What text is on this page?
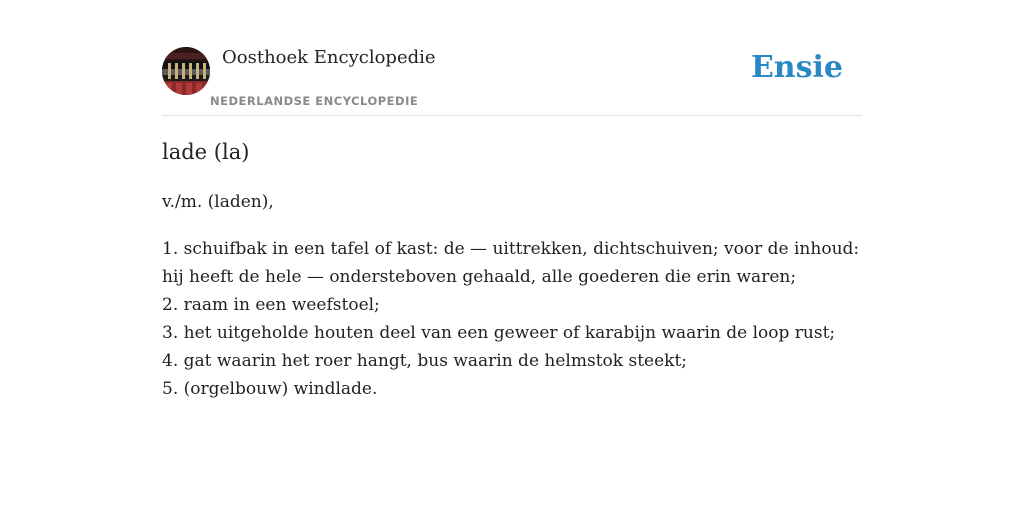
Oosthoek Encyclopedie
NEDERLANDSE ENCYCLOPEDIE
Ensie
lade (la)

v./m. (laden),

1. schuifbak in een tafel of kast: de — uittrekken, dichtschuiven; voor de inhoud: hij heeft de hele — ondersteboven gehaald, alle goederen die erin waren;
2. raam in een weefstoel;
3. het uitgeholde houten deel van een geweer of karabijn waarin de loop rust;
4. gat waarin het roer hangt, bus waarin de helmstok steekt;
5. (orgelbouw) windlade.
